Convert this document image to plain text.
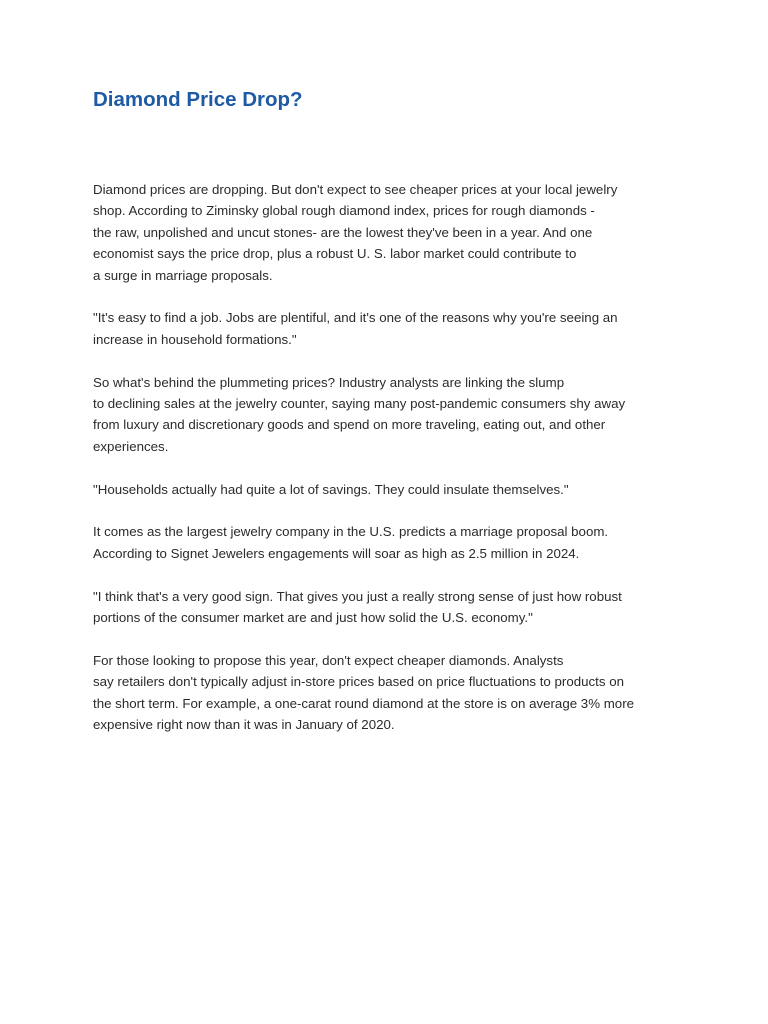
Diamond Price Drop?
Diamond prices are dropping. But don't expect to see cheaper prices at your local jewelry
shop. According to Ziminsky global rough diamond index, prices for rough diamonds -
the raw, unpolished and uncut stones- are the lowest they've been in a year. And one
economist says the price drop, plus a robust U. S. labor market could contribute to
a surge in marriage proposals.
"It's easy to find a job. Jobs are plentiful, and it's one of the reasons why you're seeing an
increase in household formations."
So what's behind the plummeting prices? Industry analysts are linking the slump
to declining sales at the jewelry counter, saying many post-pandemic consumers shy away
from luxury and discretionary goods and spend on more traveling, eating out, and other
experiences.
"Households actually had quite a lot of savings. They could insulate themselves."
It comes as the largest jewelry company in the U.S. predicts a marriage proposal boom.
According to Signet Jewelers engagements will soar as high as 2.5 million in 2024.
"I think that's a very good sign. That gives you just a really strong sense of just how robust
portions of the consumer market are and just how solid the U.S. economy."
For those looking to propose this year, don't expect cheaper diamonds. Analysts
say retailers don't typically adjust in-store prices based on price fluctuations to products on
the short term. For example, a one-carat round diamond at the store is on average 3% more
expensive right now than it was in January of 2020.
